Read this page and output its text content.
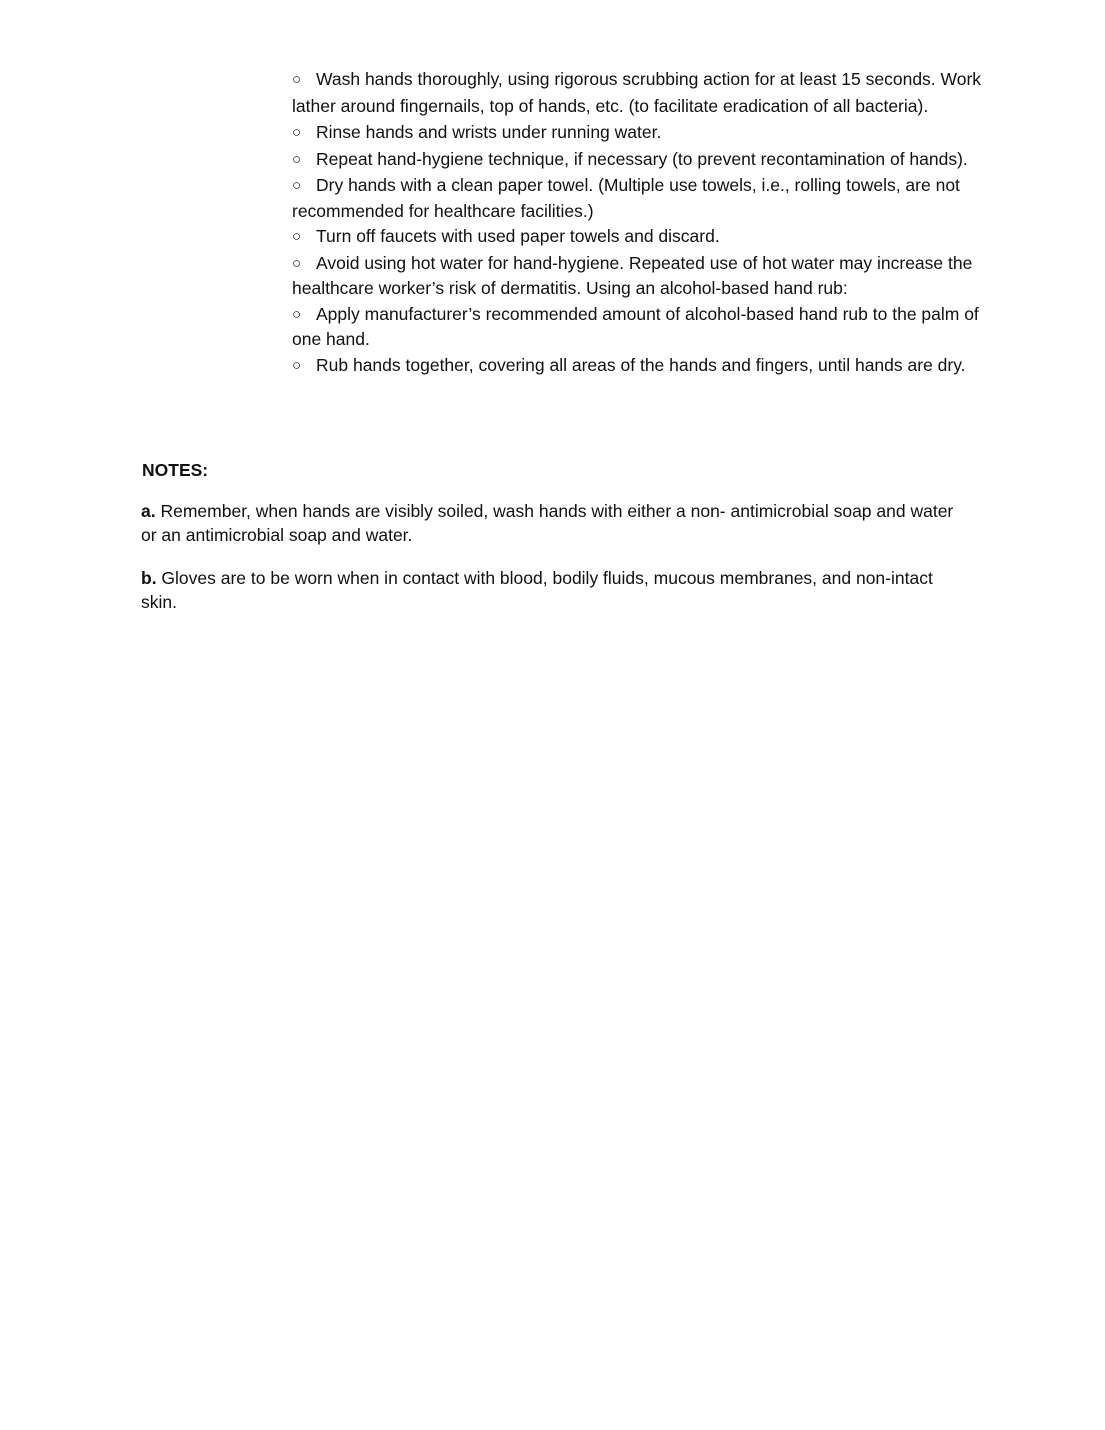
○ Wash hands thoroughly, using rigorous scrubbing action for at least 15 seconds. Work lather around fingernails, top of hands, etc. (to facilitate eradication of all bacteria).
○ Rinse hands and wrists under running water.
○ Repeat hand-hygiene technique, if necessary (to prevent recontamination of hands).
○ Dry hands with a clean paper towel. (Multiple use towels, i.e., rolling towels, are not recommended for healthcare facilities.)
○ Turn off faucets with used paper towels and discard.
○ Avoid using hot water for hand-hygiene. Repeated use of hot water may increase the healthcare worker’s risk of dermatitis. Using an alcohol-based hand rub:
○ Apply manufacturer’s recommended amount of alcohol-based hand rub to the palm of one hand.
○ Rub hands together, covering all areas of the hands and fingers, until hands are dry.

NOTES:

a. Remember, when hands are visibly soiled, wash hands with either a non- antimicrobial soap and water or an antimicrobial soap and water.

b. Gloves are to be worn when in contact with blood, bodily fluids, mucous membranes, and non-intact skin.
